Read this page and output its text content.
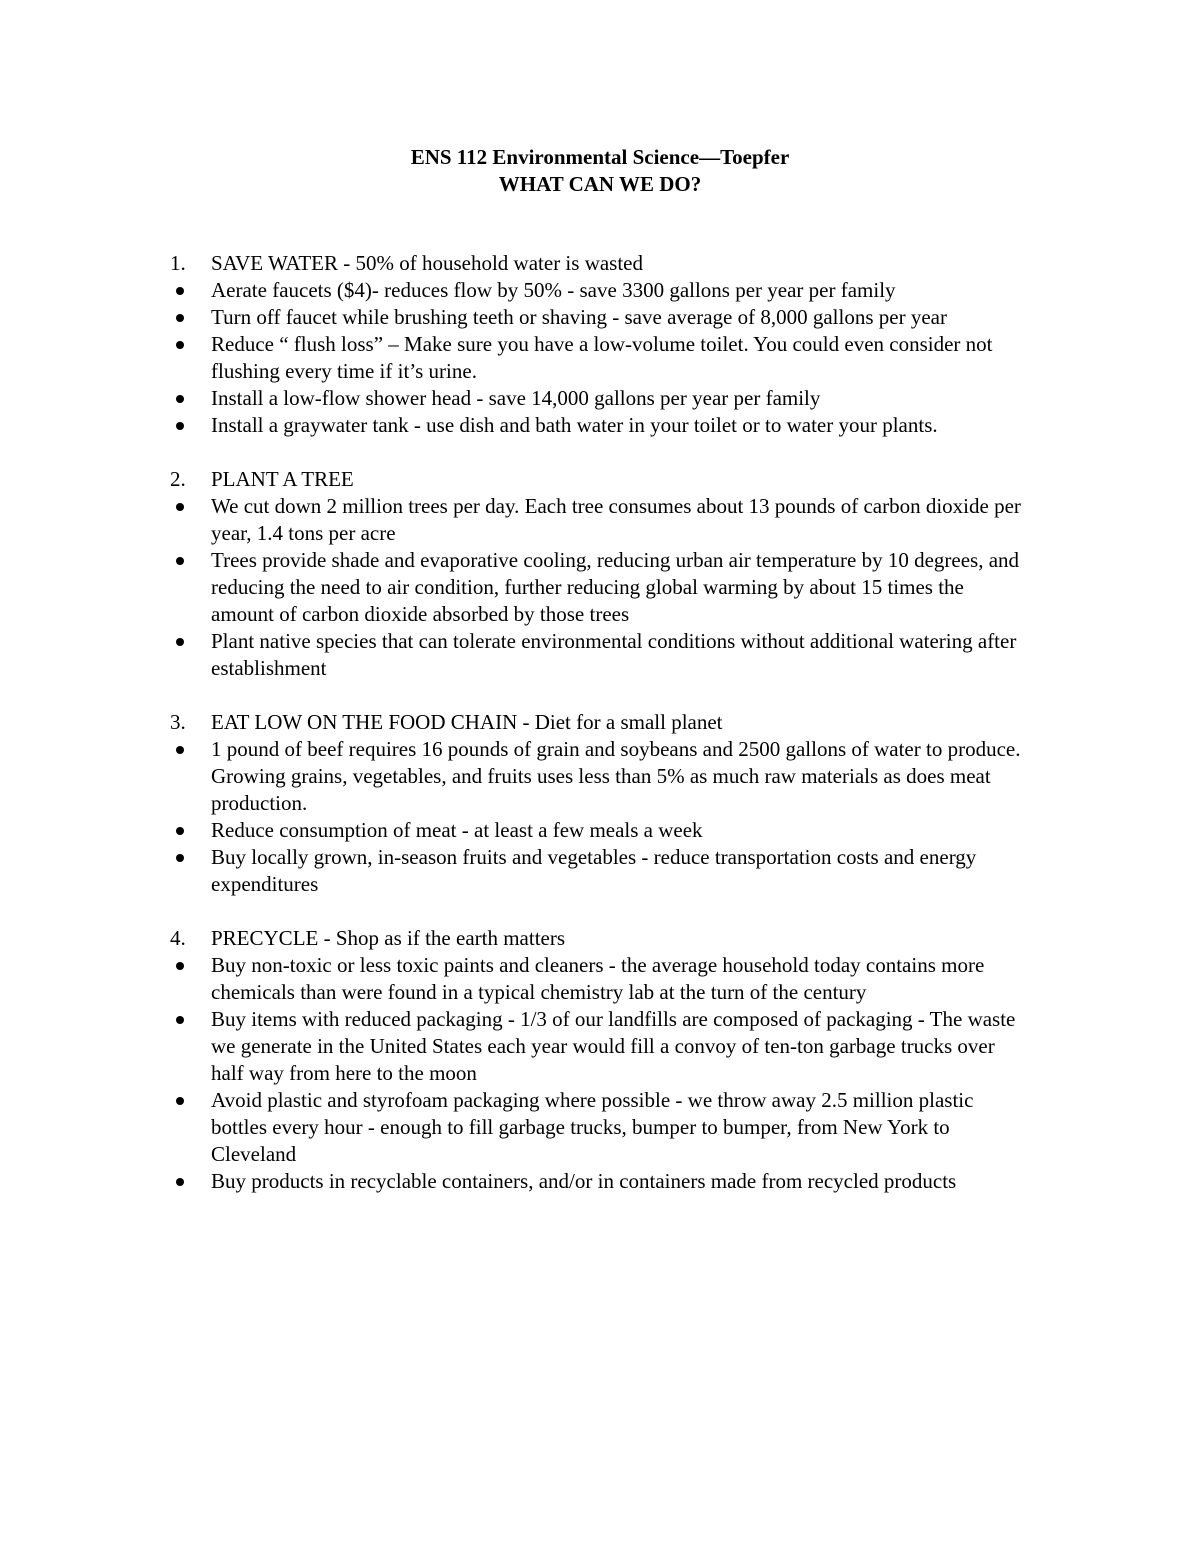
ENS 112 Environmental Science—Toepfer
WHAT CAN WE DO?
1.	SAVE WATER - 50% of household water is wasted
Aerate faucets ($4)- reduces flow by 50% - save 3300 gallons per year per family
Turn off faucet while brushing teeth or shaving - save average of 8,000 gallons per year
Reduce “ flush loss” – Make sure you have a low-volume toilet. You could even consider not flushing every time if it’s urine.
Install a low-flow shower head - save 14,000 gallons per year per family
Install a graywater tank - use dish and bath water in your toilet or to water your plants.
2.	PLANT A TREE
We cut down 2 million trees per day. Each tree consumes about 13 pounds of carbon dioxide per year, 1.4 tons per acre
Trees provide shade and evaporative cooling, reducing urban air temperature by 10 degrees, and reducing the need to air condition, further reducing global warming by about 15 times the amount of carbon dioxide absorbed by those trees
Plant native species that can tolerate environmental conditions without additional watering after establishment
3.	EAT LOW ON THE FOOD CHAIN - Diet for a small planet
1 pound of beef requires 16 pounds of grain and soybeans and 2500 gallons of water to produce. Growing grains, vegetables, and fruits uses less than 5% as much raw materials as does meat production.
Reduce consumption of meat - at least a few meals a week
Buy locally grown, in-season fruits and vegetables - reduce transportation costs and energy expenditures
4.	PRECYCLE - Shop as if the earth matters
Buy non-toxic or less toxic paints and cleaners - the average household today contains more chemicals than were found in a typical chemistry lab at the turn of the century
Buy items with reduced packaging - 1/3 of our landfills are composed of packaging - The waste we generate in the United States each year would fill a convoy of ten-ton garbage trucks over half way from here to the moon
Avoid plastic and styrofoam packaging where possible - we throw away 2.5 million plastic bottles every hour - enough to fill garbage trucks, bumper to bumper, from New York to Cleveland
Buy products in recyclable containers, and/or in containers made from recycled products
